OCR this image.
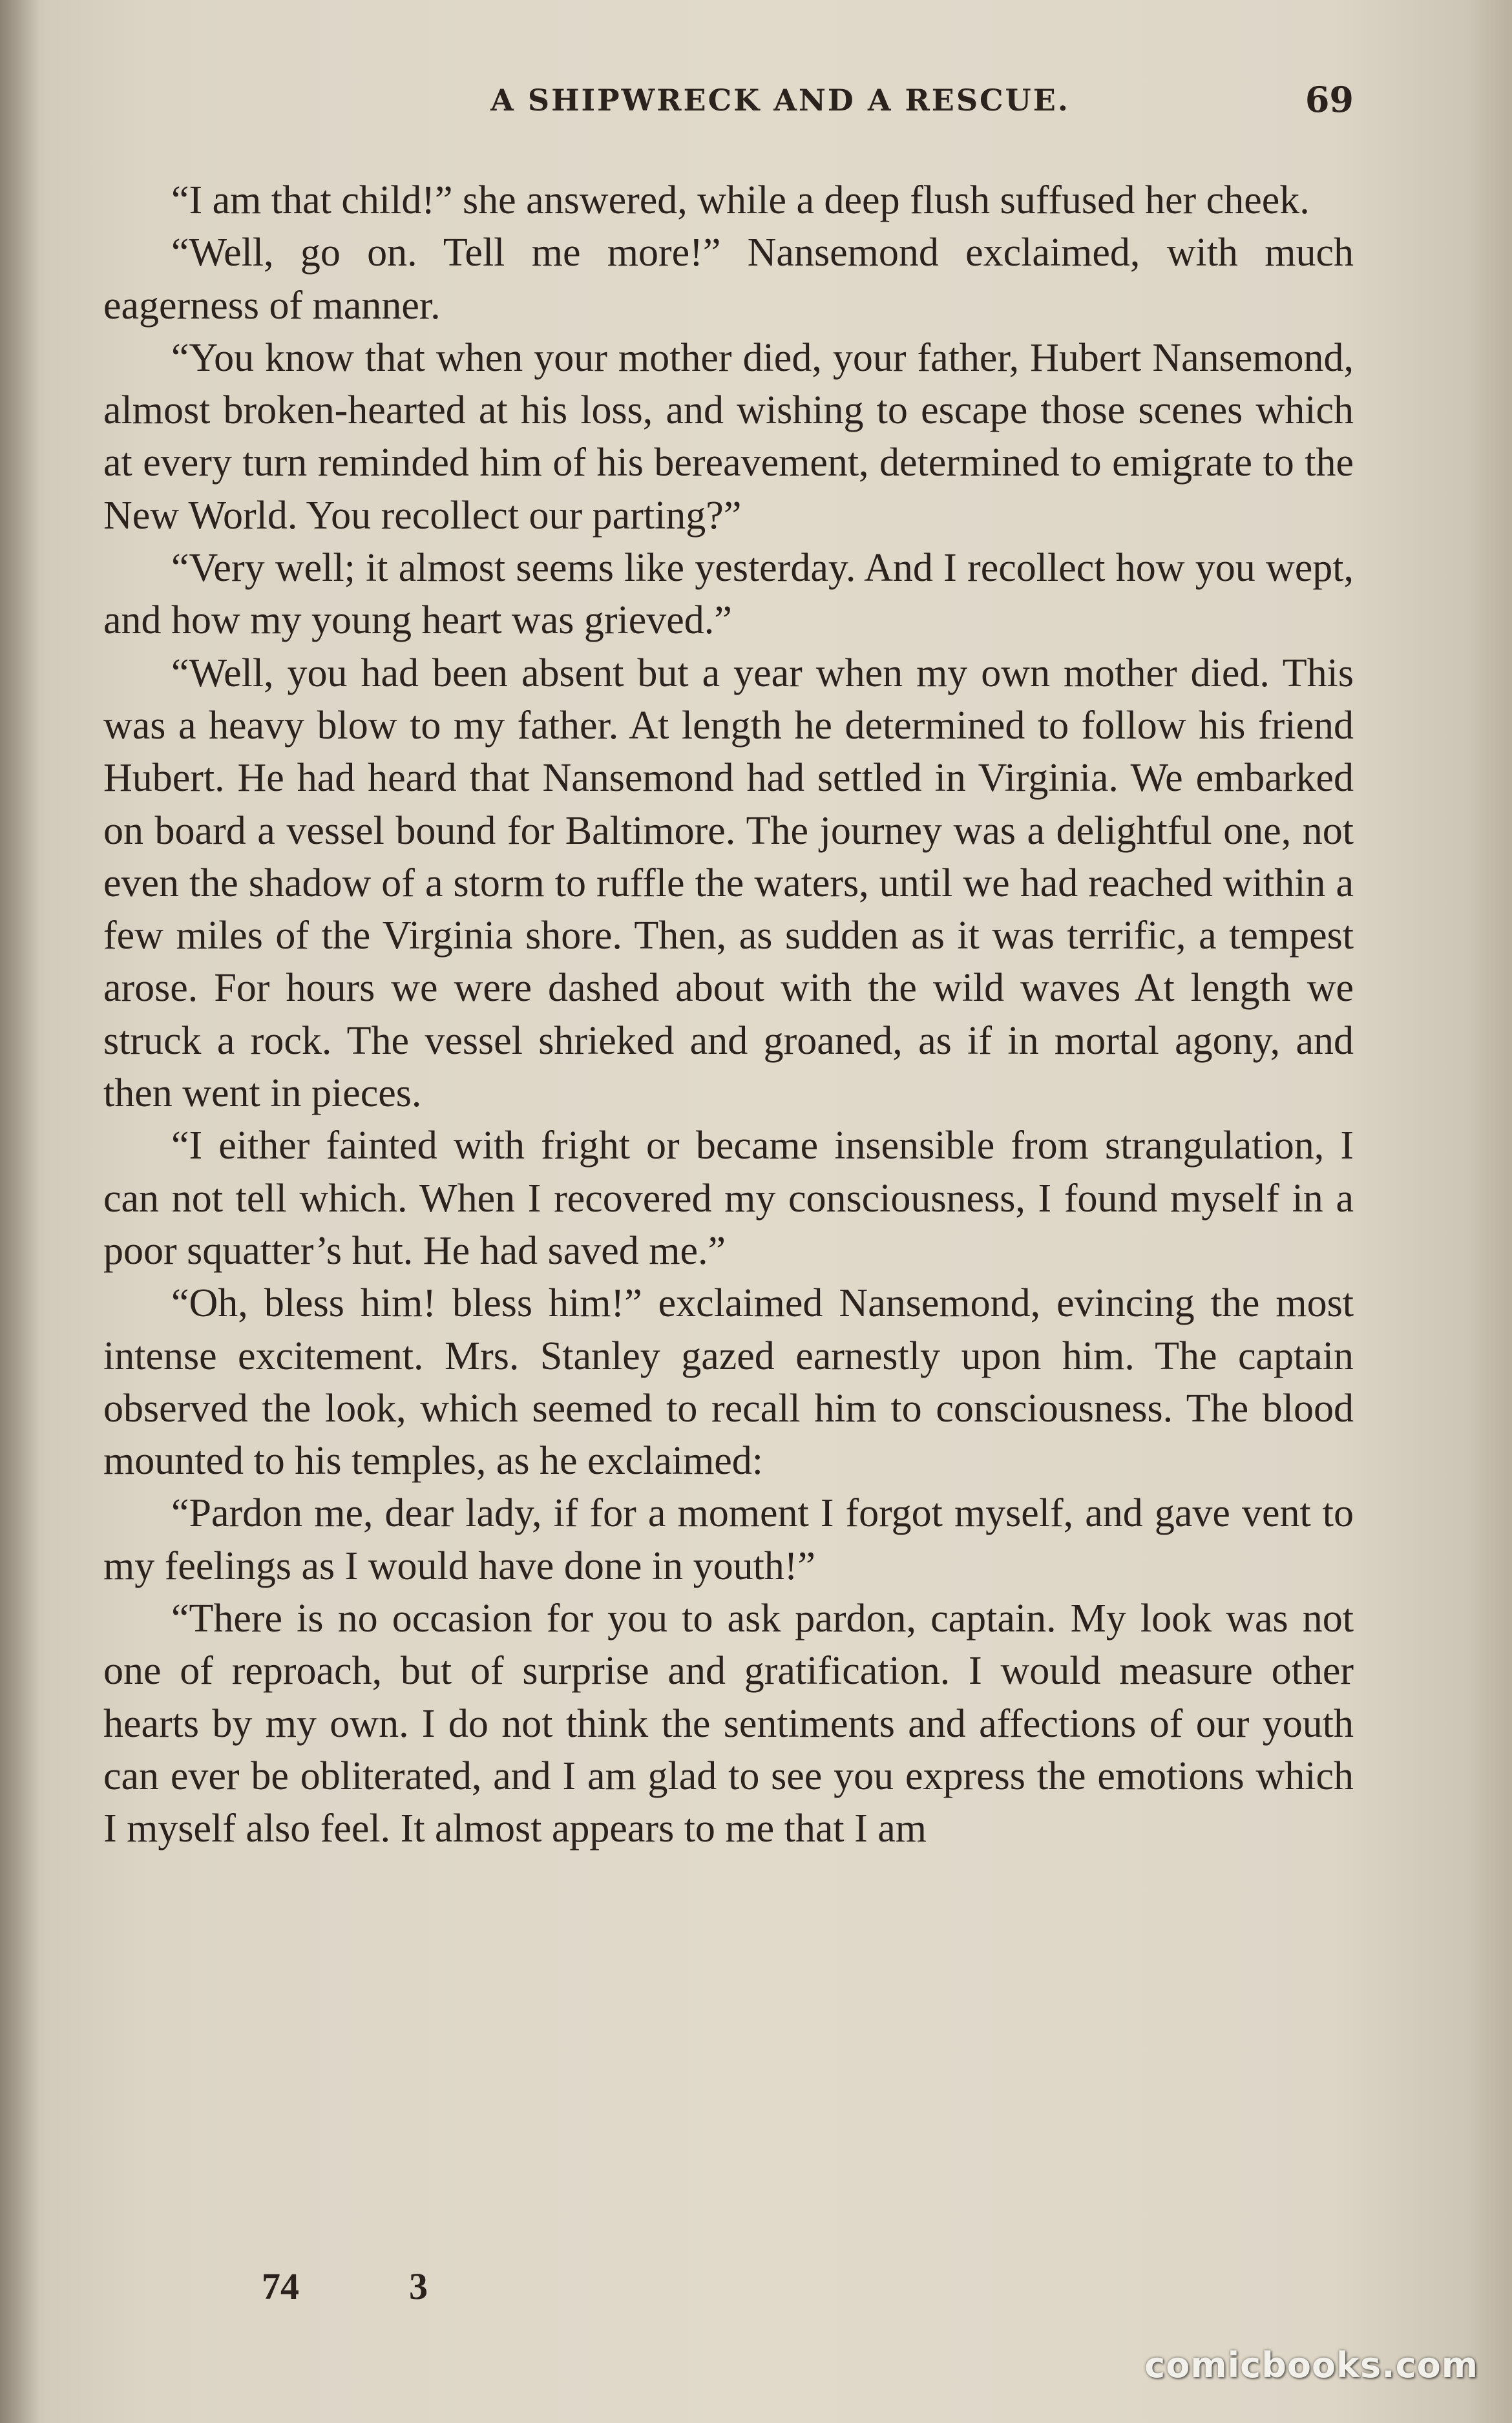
A SHIPWRECK AND A RESCUE.	69

“I am that child!” she answered, while a deep flush suffused her cheek.

“Well, go on. Tell me more!” Nansemond exclaimed, with much eagerness of manner.

“You know that when your mother died, your father, Hubert Nansemond, almost broken-hearted at his loss, and wishing to escape those scenes which at every turn reminded him of his bereavement, determined to emigrate to the New World. You recollect our parting?”

“Very well; it almost seems like yesterday. And I recollect how you wept, and how my young heart was grieved.”

“Well, you had been absent but a year when my own mother died. This was a heavy blow to my father. At length he determined to follow his friend Hubert. He had heard that Nansemond had settled in Virginia. We embarked on board a vessel bound for Baltimore. The journey was a delightful one, not even the shadow of a storm to ruffle the waters, until we had reached within a few miles of the Virginia shore. Then, as sudden as it was terrific, a tempest arose. For hours we were dashed about with the wild waves At length we struck a rock. The vessel shrieked and groaned, as if in mortal agony, and then went in pieces.

“I either fainted with fright or became insensible from strangulation, I can not tell which. When I recovered my consciousness, I found myself in a poor squatter’s hut. He had saved me.”

“Oh, bless him! bless him!” exclaimed Nansemond, evincing the most intense excitement. Mrs. Stanley gazed earnestly upon him. The captain observed the look, which seemed to recall him to consciousness. The blood mounted to his temples, as he exclaimed:

“Pardon me, dear lady, if for a moment I forgot myself, and gave vent to my feelings as I would have done in youth!”

“There is no occasion for you to ask pardon, captain. My look was not one of reproach, but of surprise and gratification. I would measure other hearts by my own. I do not think the sentiments and affections of our youth can ever be obliterated, and I am glad to see you express the emotions which I myself also feel. It almost appears to me that I am

74	3
comicbooks.com
